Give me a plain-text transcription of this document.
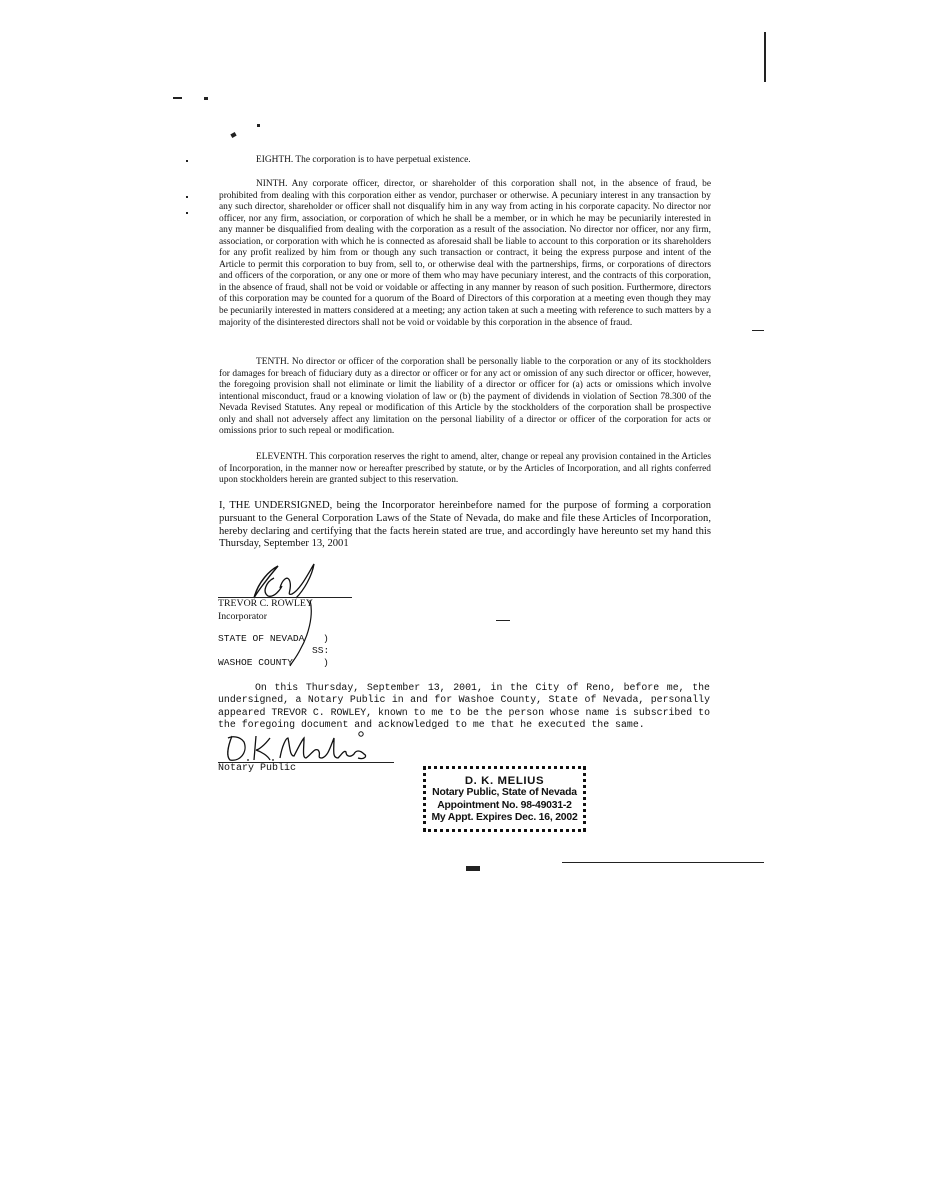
EIGHTH. The corporation is to have perpetual existence.

NINTH. Any corporate officer, director, or shareholder of this corporation shall not, in the absence of fraud, be prohibited from dealing with this corporation either as vendor, purchaser or otherwise. A pecuniary interest in any transaction by any such director, shareholder or officer shall not disqualify him in any way from acting in his corporate capacity. No director nor officer, nor any firm, association, or corporation of which he shall be a member, or in which he may be pecuniarily interested in any manner be disqualified from dealing with the corporation as a result of the association. No director nor officer, nor any firm, association, or corporation with which he is connected as aforesaid shall be liable to account to this corporation or its shareholders for any profit realized by him from or though any such transaction or contract, it being the express purpose and intent of the Article to permit this corporation to buy from, sell to, or otherwise deal with the partnerships, firms, or corporations of directors and officers of the corporation, or any one or more of them who may have pecuniary interest, and the contracts of this corporation, in the absence of fraud, shall not be void or voidable or affecting in any manner by reason of such position. Furthermore, directors of this corporation may be counted for a quorum of the Board of Directors of this corporation at a meeting even though they may be pecuniarily interested in matters considered at a meeting; any action taken at such a meeting with reference to such matters by a majority of the disinterested directors shall not be void or voidable by this corporation in the absence of fraud.

TENTH. No director or officer of the corporation shall be personally liable to the corporation or any of its stockholders for damages for breach of fiduciary duty as a director or officer or for any act or omission of any such director or officer, however, the foregoing provision shall not eliminate or limit the liability of a director or officer for (a) acts or omissions which involve intentional misconduct, fraud or a knowing violation of law or (b) the payment of dividends in violation of Section 78.300 of the Nevada Revised Statutes. Any repeal or modification of this Article by the stockholders of the corporation shall be prospective only and shall not adversely affect any limitation on the personal liability of a director or officer of the corporation for acts or omissions prior to such repeal or modification.

ELEVENTH. This corporation reserves the right to amend, alter, change or repeal any provision contained in the Articles of Incorporation, in the manner now or hereafter prescribed by statute, or by the Articles of Incorporation, and all rights conferred upon stockholders herein are granted subject to this reservation.

I, THE UNDERSIGNED, being the Incorporator hereinbefore named for the purpose of forming a corporation pursuant to the General Corporation Laws of the State of Nevada, do make and file these Articles of Incorporation, hereby declaring and certifying that the facts herein stated are true, and accordingly have hereunto set my hand this Thursday, September 13, 2001

TREVOR C. ROWLEY
Incorporator
STATE OF NEVADA )
SS:
WASHOE COUNTY	)

On this Thursday, September 13, 2001, in the City of Reno, before me, the undersigned, a Notary Public in and for Washoe County, State of Nevada, personally appeared TREVOR C. ROWLEY, known to me to be the person whose name is subscribed to the foregoing document and acknowledged to me that he executed the same.

Notary Public
D. K. MELIUS
Notary Public, State of Nevada
Appointment No. 98-49031-2
My Appt. Expires Dec. 16, 2002
